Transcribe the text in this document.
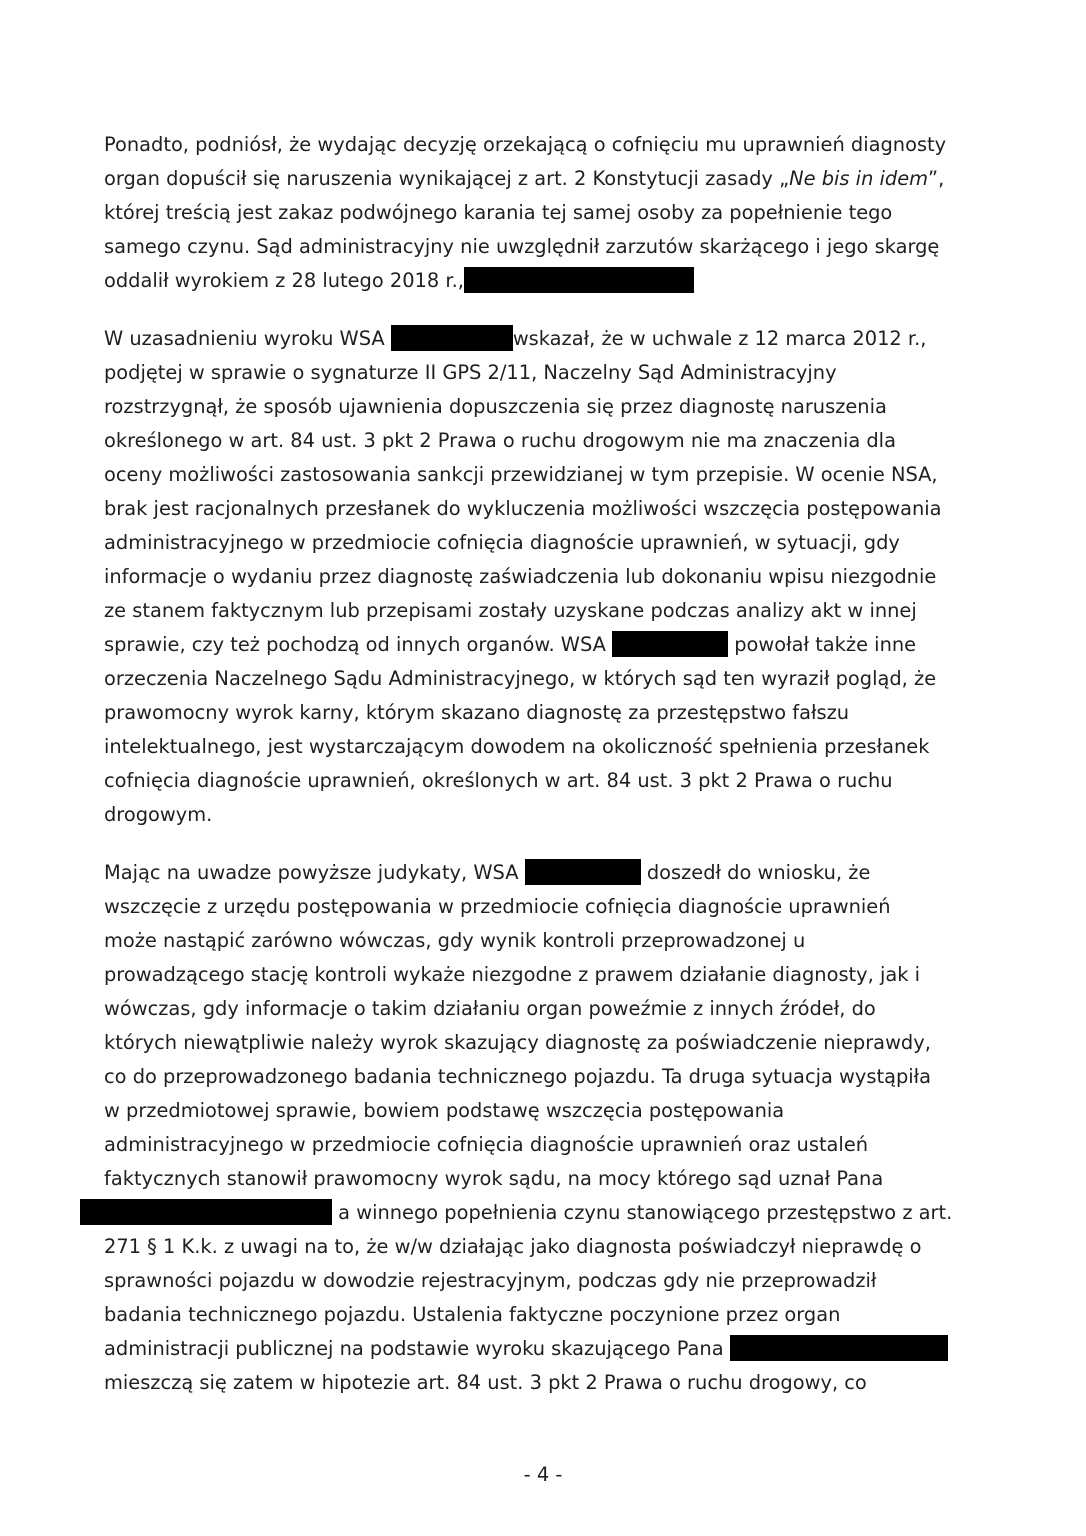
Ponadto, podniósł, że wydając decyzję orzekającą o cofnięciu mu uprawnień diagnosty
organ dopuścił się naruszenia wynikającej z art. 2 Konstytucji zasady „Ne bis in idem”,
której treścią jest zakaz podwójnego karania tej samej osoby za popełnienie tego
samego czynu. Sąd administracyjny nie uwzględnił zarzutów skarżącego i jego skargę
oddalił wyrokiem z 28 lutego 2018 r.,
W uzasadnieniu wyroku WSA	wskazał, że w uchwale z 12 marca 2012 r.,
podjętej w sprawie o sygnaturze II GPS 2/11, Naczelny Sąd Administracyjny
rozstrzygnął, że sposób ujawnienia dopuszczenia się przez diagnostę naruszenia
określonego w art. 84 ust. 3 pkt 2 Prawa o ruchu drogowym nie ma znaczenia dla
oceny możliwości zastosowania sankcji przewidzianej w tym przepisie. W ocenie NSA,
brak jest racjonalnych przesłanek do wykluczenia możliwości wszczęcia postępowania
administracyjnego w przedmiocie cofnięcia diagnoście uprawnień, w sytuacji, gdy
informacje o wydaniu przez diagnostę zaświadczenia lub dokonaniu wpisu niezgodnie
ze stanem faktycznym lub przepisami zostały uzyskane podczas analizy akt w innej
sprawie, czy też pochodzą od innych organów. WSA	powołał także inne
orzeczenia Naczelnego Sądu Administracyjnego, w których sąd ten wyraził pogląd, że
prawomocny wyrok karny, którym skazano diagnostę za przestępstwo fałszu
intelektualnego, jest wystarczającym dowodem na okoliczność spełnienia przesłanek
cofnięcia diagnoście uprawnień, określonych w art. 84 ust. 3 pkt 2 Prawa o ruchu
drogowym.
Mając na uwadze powyższe judykaty, WSA	doszedł do wniosku, że
wszczęcie z urzędu postępowania w przedmiocie cofnięcia diagnoście uprawnień
może nastąpić zarówno wówczas, gdy wynik kontroli przeprowadzonej u
prowadzącego stację kontroli wykaże niezgodne z prawem działanie diagnosty, jak i
wówczas, gdy informacje o takim działaniu organ poweźmie z innych źródeł, do
których niewątpliwie należy wyrok skazujący diagnostę za poświadczenie nieprawdy,
co do przeprowadzonego badania technicznego pojazdu. Ta druga sytuacja wystąpiła
w przedmiotowej sprawie, bowiem podstawę wszczęcia postępowania
administracyjnego w przedmiocie cofnięcia diagnoście uprawnień oraz ustaleń
faktycznych stanowił prawomocny wyrok sądu, na mocy którego sąd uznał Pana
a winnego popełnienia czynu stanowiącego przestępstwo z art.
271 § 1 K.k. z uwagi na to, że w/w działając jako diagnosta poświadczył nieprawdę o
sprawności pojazdu w dowodzie rejestracyjnym, podczas gdy nie przeprowadził
badania technicznego pojazdu. Ustalenia faktyczne poczynione przez organ
administracji publicznej na podstawie wyroku skazującego Pana
mieszczą się zatem w hipotezie art. 84 ust. 3 pkt 2 Prawa o ruchu drogowy, co
- 4 -
